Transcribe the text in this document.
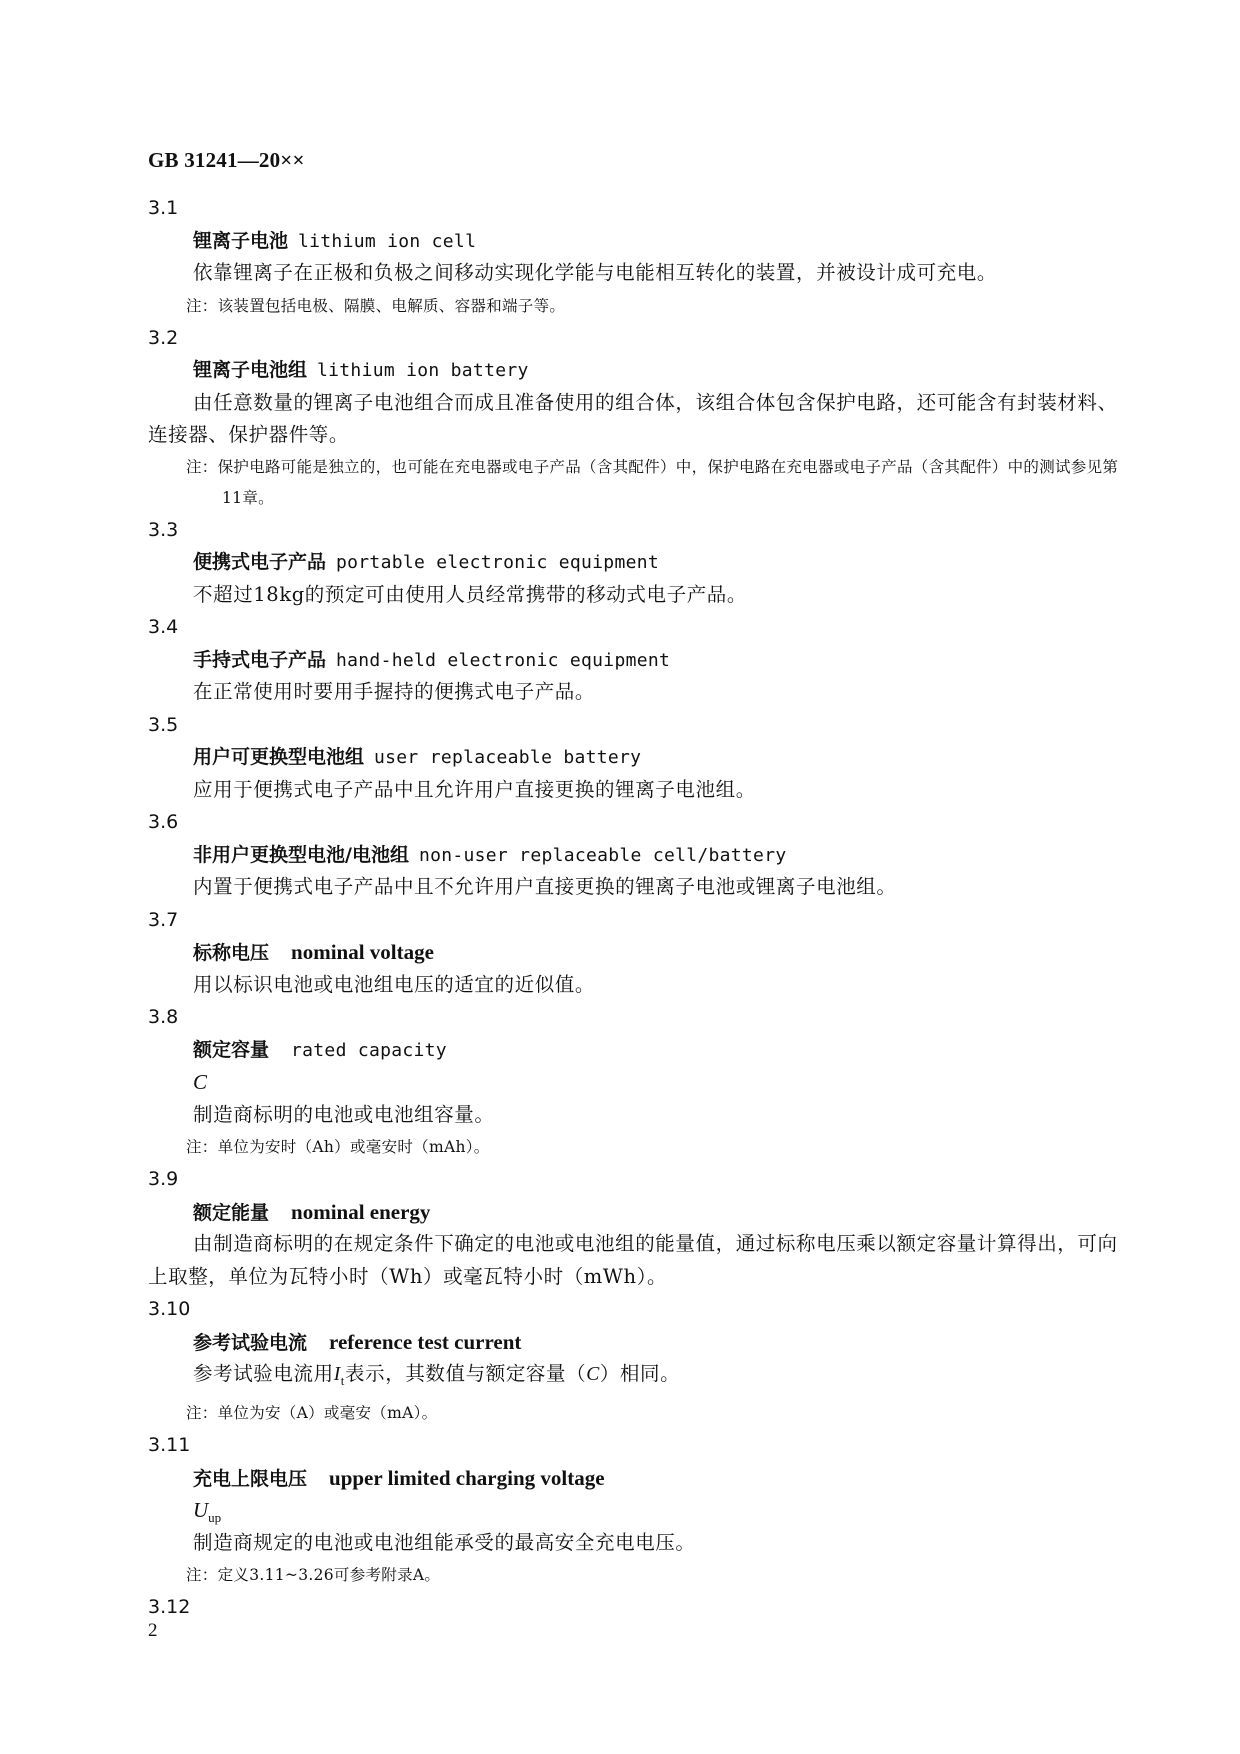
GB 31241—20××
3.1
锂离子电池 lithium ion cell
依靠锂离子在正极和负极之间移动实现化学能与电能相互转化的装置，并被设计成可充电。
注：该装置包括电极、隔膜、电解质、容器和端子等。
3.2
锂离子电池组 lithium ion battery
由任意数量的锂离子电池组合而成且准备使用的组合体，该组合体包含保护电路，还可能含有封装材料、连接器、保护器件等。
注：保护电路可能是独立的，也可能在充电器或电子产品（含其配件）中，保护电路在充电器或电子产品（含其配件）中的测试参见第11章。
3.3
便携式电子产品 portable electronic equipment
不超过18kg的预定可由使用人员经常携带的移动式电子产品。
3.4
手持式电子产品 hand-held electronic equipment
在正常使用时要用手握持的便携式电子产品。
3.5
用户可更换型电池组 user replaceable battery
应用于便携式电子产品中且允许用户直接更换的锂离子电池组。
3.6
非用户更换型电池/电池组 non-user replaceable cell/battery
内置于便携式电子产品中且不允许用户直接更换的锂离子电池或锂离子电池组。
3.7
标称电压 nominal voltage
用以标识电池或电池组电压的适宜的近似值。
3.8
额定容量 rated capacity
C
制造商标明的电池或电池组容量。
注：单位为安时（Ah）或毫安时（mAh）。
3.9
额定能量 nominal energy
由制造商标明的在规定条件下确定的电池或电池组的能量值，通过标称电压乘以额定容量计算得出，可向上取整，单位为瓦特小时（Wh）或毫瓦特小时（mWh）。
3.10
参考试验电流 reference test current
参考试验电流用$I_t$表示，其数值与额定容量（C）相同。
注：单位为安（A）或毫安（mA）。
3.11
充电上限电压 upper limited charging voltage
$U_{up}$
制造商规定的电池或电池组能承受的最高安全充电电压。
注：定义3.11~3.26可参考附录A。
3.12
2
